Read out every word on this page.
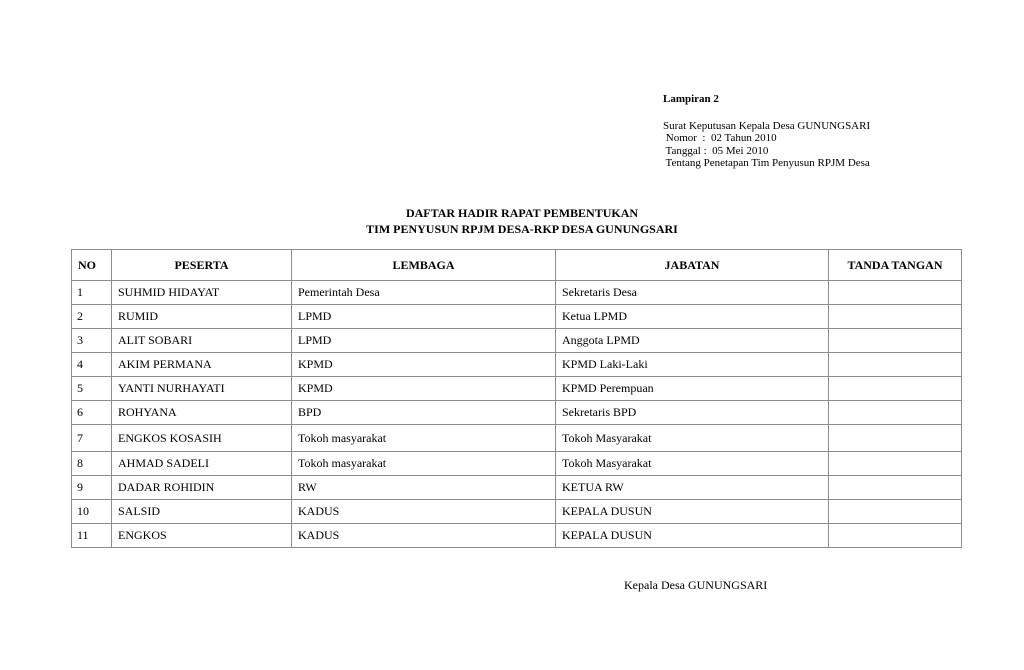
Lampiran 2
Surat Keputusan Kepala Desa GUNUNGSARI
Nomor  :  02 Tahun 2010
Tanggal :  05 Mei 2010
Tentang Penetapan Tim Penyusun RPJM Desa
DAFTAR HADIR RAPAT PEMBENTUKAN
TIM PENYUSUN RPJM DESA-RKP DESA GUNUNGSARI
NO	PESERTA	LEMBAGA	JABATAN	TANDA TANGAN
1	SUHMID HIDAYAT	Pemerintah Desa	Sekretaris Desa	
2	RUMID	LPMD	Ketua LPMD	
3	ALIT SOBARI	LPMD	Anggota LPMD	
4	AKIM PERMANA	KPMD	KPMD Laki-Laki	
5	YANTI NURHAYATI	KPMD	KPMD Perempuan	
6	ROHYANA	BPD	Sekretaris BPD	
7	ENGKOS KOSASIH	Tokoh masyarakat	Tokoh Masyarakat	
8	AHMAD SADELI	Tokoh masyarakat	Tokoh Masyarakat	
9	DADAR ROHIDIN	RW	KETUA RW	
10	SALSID	KADUS	KEPALA DUSUN	
11	ENGKOS	KADUS	KEPALA DUSUN	
Kepala Desa GUNUNGSARI
